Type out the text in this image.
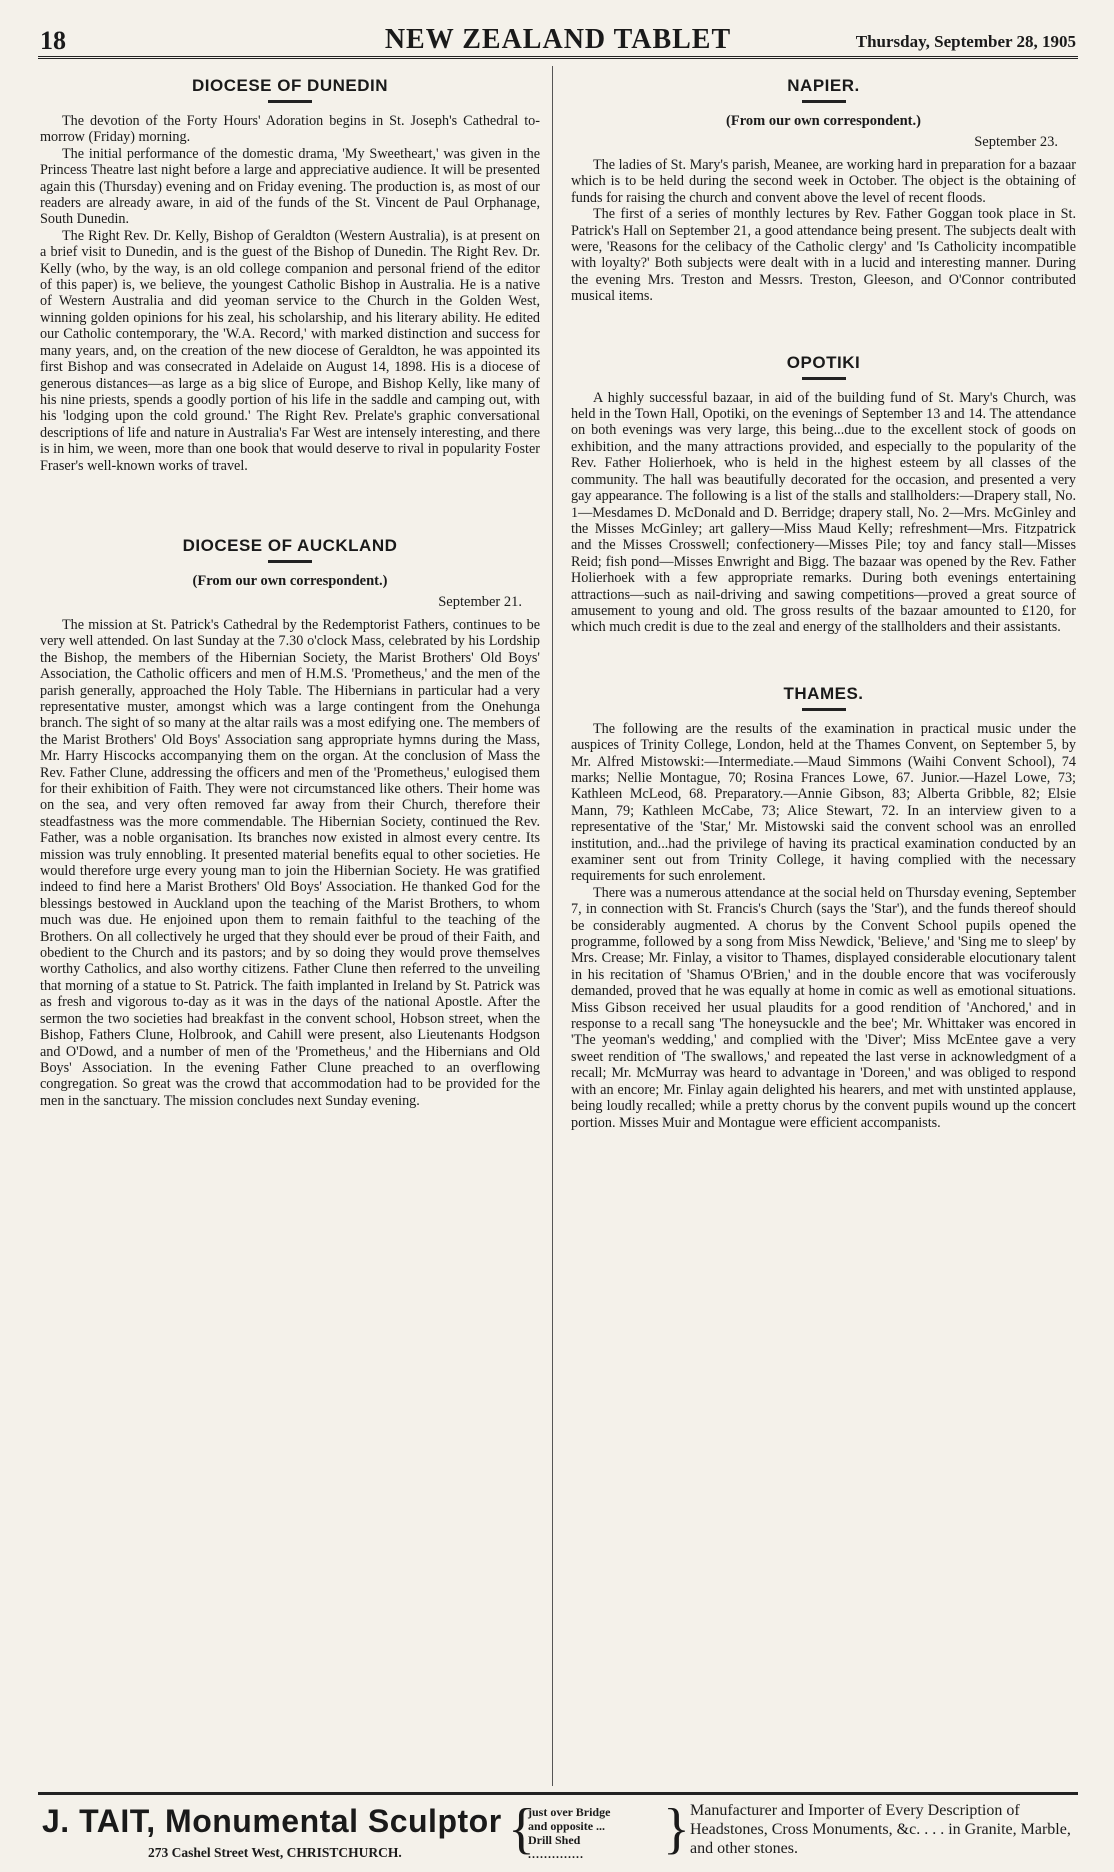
18	NEW ZEALAND TABLET	Thursday, September 28, 1905
DIOCESE OF DUNEDIN

The devotion of the Forty Hours' Adoration begins in St. Joseph's Cathedral to-morrow (Friday) morning.

The initial performance of the domestic drama, 'My Sweetheart,' was given in the Princess Theatre last night before a large and appreciative audience. It will be presented again this (Thursday) evening and on Friday evening. The production is, as most of our readers are already aware, in aid of the funds of the St. Vincent de Paul Orphanage, South Dunedin.

The Right Rev. Dr. Kelly, Bishop of Geraldton (Western Australia), is at present on a brief visit to Dunedin, and is the guest of the Bishop of Dunedin. The Right Rev. Dr. Kelly (who, by the way, is an old college companion and personal friend of the editor of this paper) is, we believe, the youngest Catholic Bishop in Australia. He is a native of Western Australia and did yeoman service to the Church in the Golden West, winning golden opinions for his zeal, his scholarship, and his literary ability. He edited our Catholic contemporary, the 'W.A. Record,' with marked distinction and success for many years, and, on the creation of the new diocese of Geraldton, he was appointed its first Bishop and was consecrated in Adelaide on August 14, 1898. His is a diocese of generous distances—as large as a big slice of Europe, and Bishop Kelly, like many of his nine priests, spends a goodly portion of his life in the saddle and camping out, with his 'lodging upon the cold ground.' The Right Rev. Prelate's graphic conversational descriptions of life and nature in Australia's Far West are intensely interesting, and there is in him, we ween, more than one book that would deserve to rival in popularity Foster Fraser's well-known works of travel.

DIOCESE OF AUCKLAND
(From our own correspondent.)
September 21.

The mission at St. Patrick's Cathedral by the Redemptorist Fathers, continues to be very well attended. On last Sunday at the 7.30 o'clock Mass, celebrated by his Lordship the Bishop, the members of the Hibernian Society, the Marist Brothers' Old Boys' Association, the Catholic officers and men of H.M.S. 'Prometheus,' and the men of the parish generally, approached the Holy Table. The Hibernians in particular had a very representative muster, amongst which was a large contingent from the Onehunga branch. The sight of so many at the altar rails was a most edifying one. The members of the Marist Brothers' Old Boys' Association sang appropriate hymns during the Mass, Mr. Harry Hiscocks accompanying them on the organ. At the conclusion of Mass the Rev. Father Clune, addressing the officers and men of the 'Prometheus,' eulogised them for their exhibition of Faith. They were not circumstanced like others. Their home was on the sea, and very often removed far away from their Church, therefore their steadfastness was the more commendable. The Hibernian Society, continued the Rev. Father, was a noble organisation. Its branches now existed in almost every centre. Its mission was truly ennobling. It presented material benefits equal to other societies. He would therefore urge every young man to join the Hibernian Society. He was gratified indeed to find here a Marist Brothers' Old Boys' Association. He thanked God for the blessings bestowed in Auckland upon the teaching of the Marist Brothers, to whom much was due. He enjoined upon them to remain faithful to the teaching of the Brothers. On all collectively he urged that they should ever be proud of their Faith, and obedient to the Church and its pastors; and by so doing they would prove themselves worthy Catholics, and also worthy citizens. Father Clune then referred to the unveiling that morning of a statue to St. Patrick. The faith implanted in Ireland by St. Patrick was as fresh and vigorous to-day as it was in the days of the national Apostle. After the sermon the two societies had breakfast in the convent school, Hobson street, when the Bishop, Fathers Clune, Holbrook, and Cahill were present, also Lieutenants Hodgson and O'Dowd, and a number of men of the 'Prometheus,' and the Hibernians and Old Boys' Association. In the evening Father Clune preached to an overflowing congregation. So great was the crowd that accommodation had to be provided for the men in the sanctuary. The mission concludes next Sunday evening.

NAPIER.
(From our own correspondent.)
September 23.

The ladies of St. Mary's parish, Meanee, are working hard in preparation for a bazaar which is to be held during the second week in October. The object is the obtaining of funds for raising the church and convent above the level of recent floods.

The first of a series of monthly lectures by Rev. Father Goggan took place in St. Patrick's Hall on September 21, a good attendance being present. The subjects dealt with were, 'Reasons for the celibacy of the Catholic clergy' and 'Is Catholicity incompatible with loyalty?' Both subjects were dealt with in a lucid and interesting manner. During the evening Mrs. Treston and Messrs. Treston, Gleeson, and O'Connor contributed musical items.

OPOTIKI

A highly successful bazaar, in aid of the building fund of St. Mary's Church, was held in the Town Hall, Opotiki, on the evenings of September 13 and 14. The attendance on both evenings was very large, this being...due to the excellent stock of goods on exhibition, and the many attractions provided, and especially to the popularity of the Rev. Father Holierhoek, who is held in the highest esteem by all classes of the community. The hall was beautifully decorated for the occasion, and presented a very gay appearance. The following is a list of the stalls and stallholders:—Drapery stall, No. 1—Mesdames D. McDonald and D. Berridge; drapery stall, No. 2—Mrs. McGinley and the Misses McGinley; art gallery—Miss Maud Kelly; refreshment—Mrs. Fitzpatrick and the Misses Crosswell; confectionery—Misses Pile; toy and fancy stall—Misses Reid; fish pond—Misses Enwright and Bigg. The bazaar was opened by the Rev. Father Holierhoek with a few appropriate remarks. During both evenings entertaining attractions—such as nail-driving and sawing competitions—proved a great source of amusement to young and old. The gross results of the bazaar amounted to £120, for which much credit is due to the zeal and energy of the stallholders and their assistants.

THAMES.

The following are the results of the examination in practical music under the auspices of Trinity College, London, held at the Thames Convent, on September 5, by Mr. Alfred Mistowski:—Intermediate.—Maud Simmons (Waihi Convent School), 74 marks; Nellie Montague, 70; Rosina Frances Lowe, 67. Junior.—Hazel Lowe, 73; Kathleen McLeod, 68. Preparatory.—Annie Gibson, 83; Alberta Gribble, 82; Elsie Mann, 79; Kathleen McCabe, 73; Alice Stewart, 72. In an interview given to a representative of the 'Star,' Mr. Mistowski said the convent school was an enrolled institution, and...had the privilege of having its practical examination conducted by an examiner sent out from Trinity College, it having complied with the necessary requirements for such enrolement.

There was a numerous attendance at the social held on Thursday evening, September 7, in connection with St. Francis's Church (says the 'Star'), and the funds thereof should be considerably augmented. A chorus by the Convent School pupils opened the programme, followed by a song from Miss Newdick, 'Believe,' and 'Sing me to sleep' by Mrs. Crease; Mr. Finlay, a visitor to Thames, displayed considerable elocutionary talent in his recitation of 'Shamus O'Brien,' and in the double encore that was vociferously demanded, proved that he was equally at home in comic as well as emotional situations. Miss Gibson received her usual plaudits for a good rendition of 'Anchored,' and in response to a recall sang 'The honeysuckle and the bee'; Mr. Whittaker was encored in 'The yeoman's wedding,' and complied with the 'Diver'; Miss McEntee gave a very sweet rendition of 'The swallows,' and repeated the last verse in acknowledgment of a recall; Mr. McMurray was heard to advantage in 'Doreen,' and was obliged to respond with an encore; Mr. Finlay again delighted his hearers, and met with unstinted applause, being loudly recalled; while a pretty chorus by the convent pupils wound up the concert portion. Misses Muir and Montague were efficient accompanists.

J. TAIT, Monumental Sculptor
273 Cashel Street West, CHRISTCHURCH. {
just over Bridge
and opposite ...
Drill Shed
..............	} Manufacturer and Importer of Every Description of Headstones, Cross Monuments, &c. . . . in Granite, Marble, and other stones.
